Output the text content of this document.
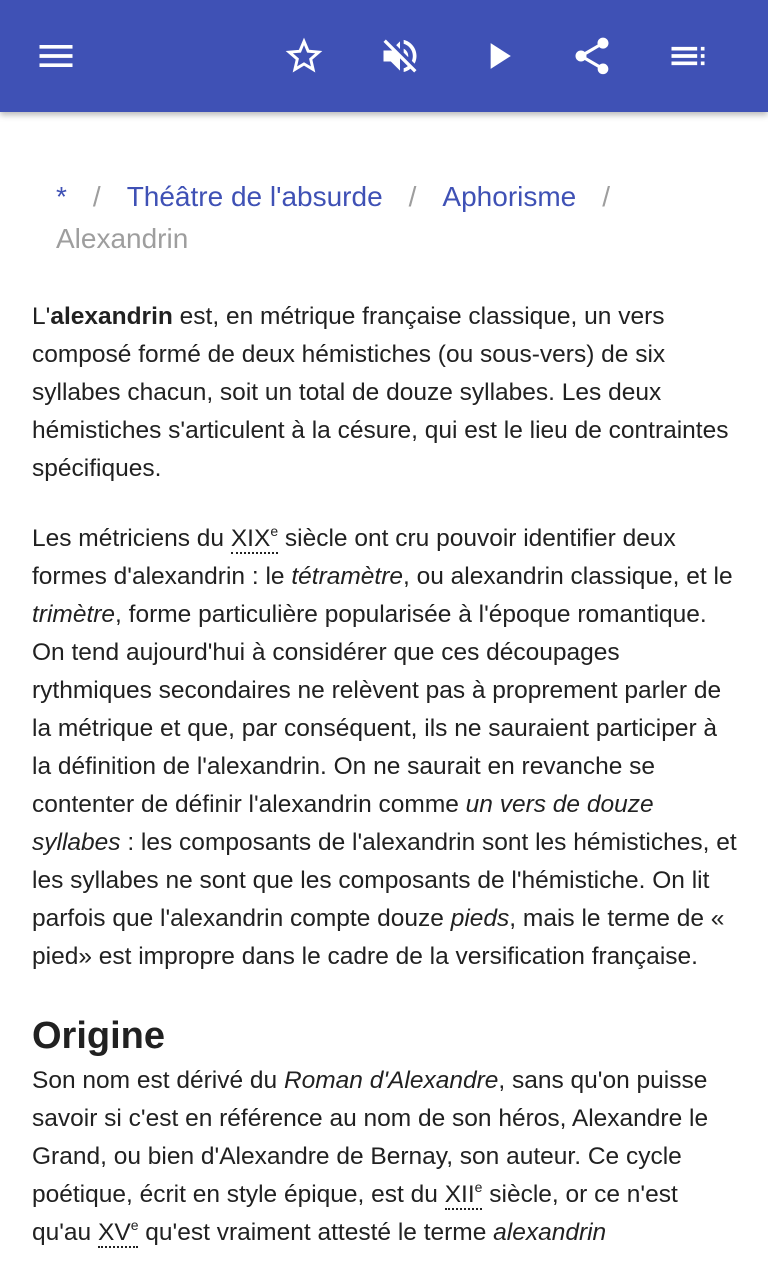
* / Théâtre de l'absurde / Aphorisme /
Alexandrin

L'alexandrin est, en métrique française classique, un vers composé formé de deux hémistiches (ou sous-vers) de six syllabes chacun, soit un total de douze syllabes. Les deux hémistiches s'articulent à la césure, qui est le lieu de contraintes spécifiques.

Les métriciens du XIXe siècle ont cru pouvoir identifier deux formes d'alexandrin : le tétramètre, ou alexandrin classique, et le trimètre, forme particulière popularisée à l'époque romantique. On tend aujourd'hui à considérer que ces découpages rythmiques secondaires ne relèvent pas à proprement parler de la métrique et que, par conséquent, ils ne sauraient participer à la définition de l'alexandrin. On ne saurait en revanche se contenter de définir l'alexandrin comme un vers de douze syllabes : les composants de l'alexandrin sont les hémistiches, et les syllabes ne sont que les composants de l'hémistiche. On lit parfois que l'alexandrin compte douze pieds, mais le terme de « pied» est impropre dans le cadre de la versification française.

Origine

Son nom est dérivé du Roman d'Alexandre, sans qu'on puisse savoir si c'est en référence au nom de son héros, Alexandre le Grand, ou bien d'Alexandre de Bernay, son auteur. Ce cycle poétique, écrit en style épique, est du XIIe siècle, or ce n'est qu'au XVe qu'est vraiment attesté le terme alexandrin
